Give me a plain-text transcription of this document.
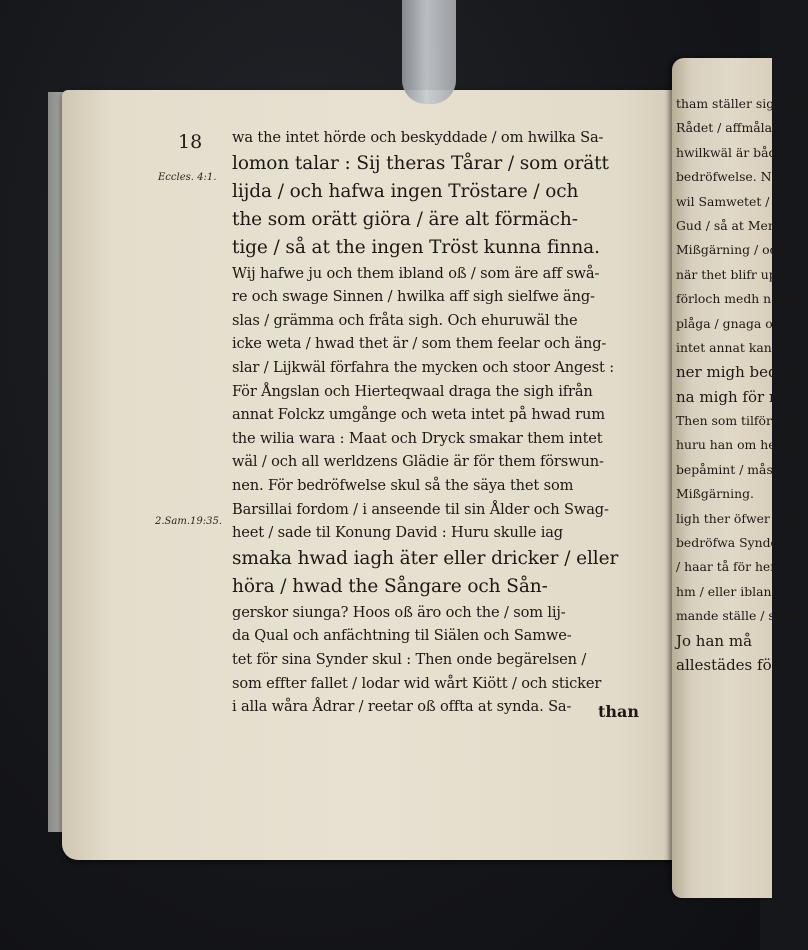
18
Eccles. 4:1.
2.Sam.19:35.
wa the intet hörde och beskyddade / om hwilka Sa-
lomon talar : Sij theras Tårar / som orätt
lijda / och hafwa ingen Tröstare / och
the som orätt giöra / äre alt förmäch-
tige / så at the ingen Tröst kunna finna.
Wij hafwe ju och them ibland oß / som äre aff swå-
re och swage Sinnen / hwilka aff sigh sielfwe äng-
slas / grämma och fråta sigh. Och ehuruwäl the
icke weta / hwad thet är / som them feelar och äng-
slar / Lijkwäl förfahra the mycken och stoor Angest :
För Ångslan och Hierteqwaal draga the sigh ifrån
annat Folckz umgånge och weta intet på hwad rum
the wilia wara : Maat och Dryck smakar them intet
wäl / och all werldzens Glädie är för them förswun-
nen. För bedröfwelse skul så the säya thet som
Barsillai fordom / i anseende til sin Ålder och Swag-
heet / sade til Konung David : Huru skulle iag
smaka hwad iagh äter eller dricker / eller
höra / hwad the Sångare och Sån-
gerskor siunga? Hoos oß äro och the / som lij-
da Qual och anfächtning til Siälen och Samwe-
tet för sina Synder skul : Then onde begärelsen /
som effter fallet / lodar wid wårt Kiött / och sticker
i alla wåra Ådrar / reetar oß offta at synda. Sa-	than
tham ställer sigh och
Rådet / affmålan
hwilkwäl är både
bedröfwelse. När
wil Samwetet / s
Gud / så at Men
Mißgärning / och
när thet blifr upw
förloch medh någon
plåga / gnaga och
intet annat kan / d
ner migh bedrö
na migh för mi
Then som tilförene
huru han om hemm
bepåmint / måste
Mißgärning.
ligh ther öfwer / at
bedröfwa Synden /
/ haar tå för hen
hm / eller ibland S
mande ställe / såsom
Jo han må
allestädes för
